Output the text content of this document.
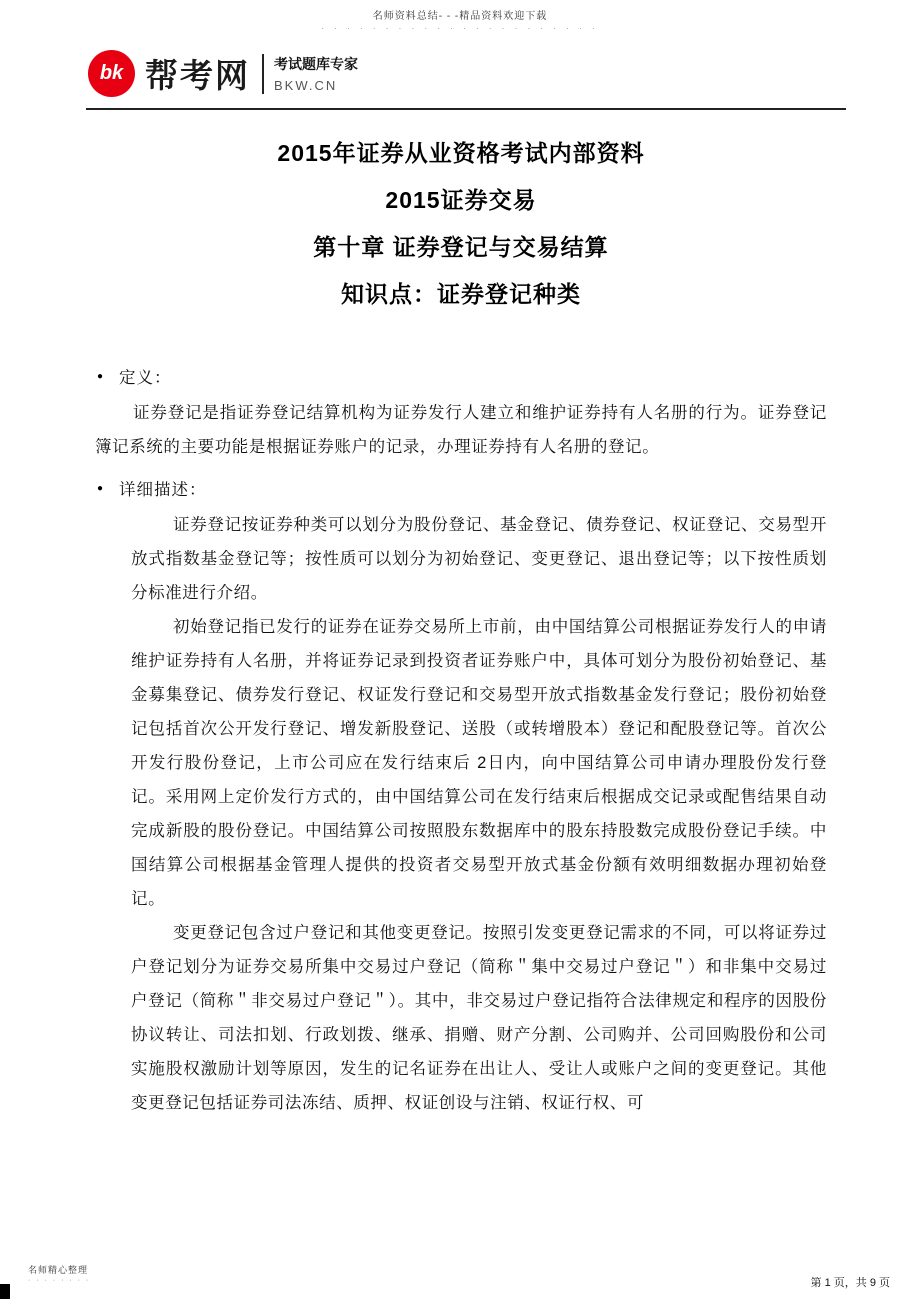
名师资料总结- - -精品资料欢迎下载
· · · · · · · · · · · · · · · · · · · · · ·
bk 帮考网 考试题库专家
BKW.CN
2015年证券从业资格考试内部资料
2015证券交易
第十章 证券登记与交易结算
知识点：证券登记种类
● 定义：

证券登记是指证券登记结算机构为证券发行人建立和维护证券持有人名册的行为。证券登记簿记系统的主要功能是根据证券账户的记录，办理证券持有人名册的登记。

● 详细描述：

证券登记按证券种类可以划分为股份登记、基金登记、债券登记、权证登记、交易型开放式指数基金登记等；按性质可以划分为初始登记、变更登记、退出登记等；以下按性质划分标准进行介绍。

初始登记指已发行的证券在证券交易所上市前，由中国结算公司根据证券发行人的申请维护证券持有人名册，并将证券记录到投资者证券账户中，具体可划分为股份初始登记、基金募集登记、债券发行登记、权证发行登记和交易型开放式指数基金发行登记；股份初始登记包括首次公开发行登记、增发新股登记、送股（或转增股本）登记和配股登记等。首次公开发行股份登记，上市公司应在发行结束后 2日内，向中国结算公司申请办理股份发行登记。采用网上定价发行方式的，由中国结算公司在发行结束后根据成交记录或配售结果自动完成新股的股份登记。中国结算公司按照股东数据库中的股东持股数完成股份登记手续。中国结算公司根据基金管理人提供的投资者交易型开放式基金份额有效明细数据办理初始登记。

变更登记包含过户登记和其他变更登记。按照引发变更登记需求的不同，可以将证券过户登记划分为证券交易所集中交易过户登记（简称＂集中交易过户登记＂）和非集中交易过户登记（简称＂非交易过户登记＂）。其中，非交易过户登记指符合法律规定和程序的因股份协议转让、司法扣划、行政划拨、继承、捐赠、财产分割、公司购并、公司回购股份和公司实施股权激励计划等原因，发生的记名证券在出让人、受让人或账户之间的变更登记。其他变更登记包括证券司法冻结、质押、权证创设与注销、权证行权、可

名师精心整理
· · · · · · · ·	第 1 页，共 9 页
